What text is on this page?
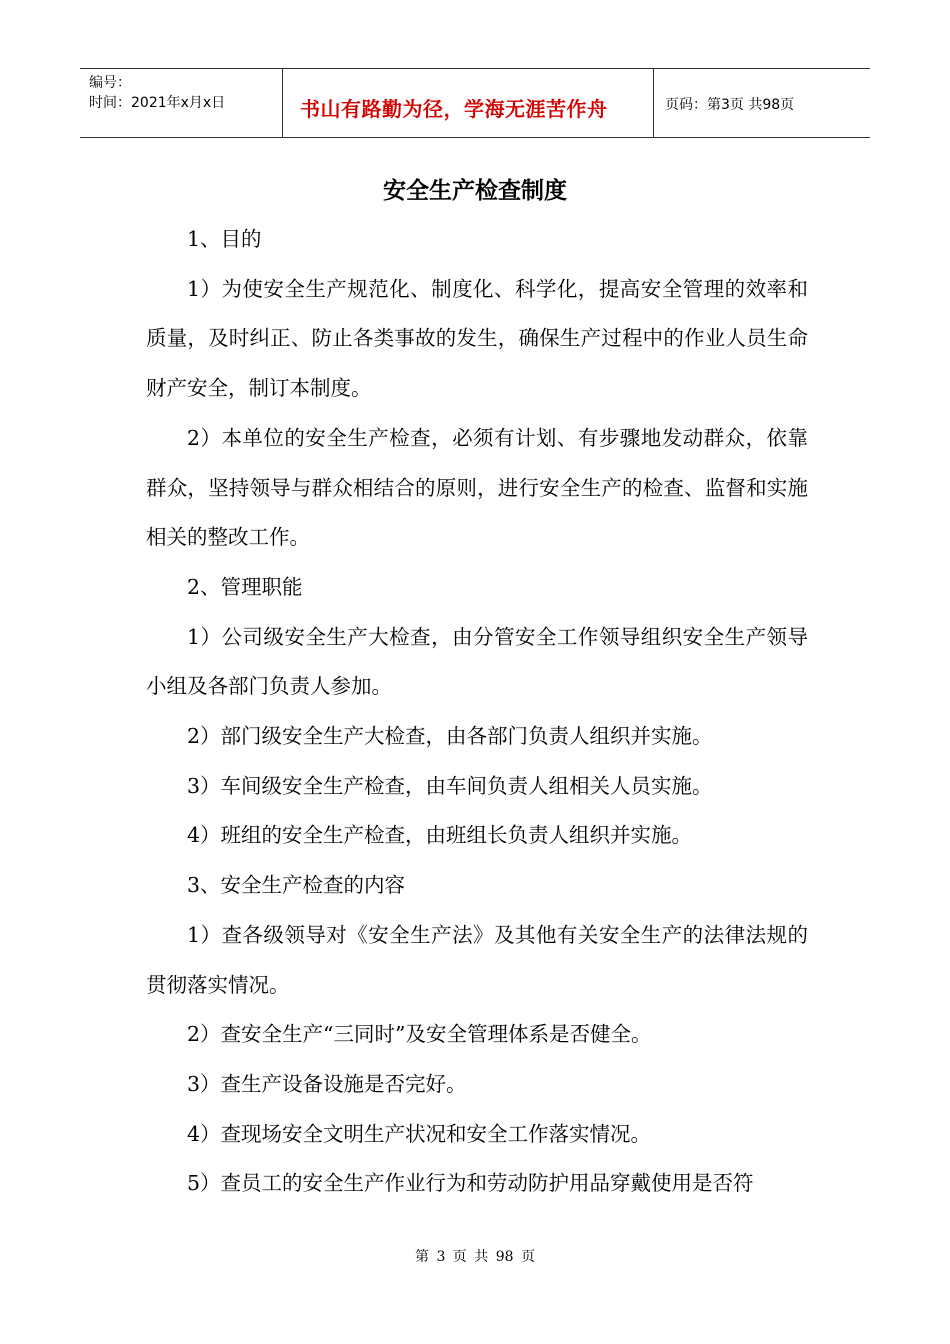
编号：
时间：2021年x月x日	书山有路勤为径，学海无涯苦作舟	页码：第3页 共98页
安全生产检查制度

1、目的

1）为使安全生产规范化、制度化、科学化，提高安全管理的效率和质量，及时纠正、防止各类事故的发生，确保生产过程中的作业人员生命财产安全，制订本制度。

2）本单位的安全生产检查，必须有计划、有步骤地发动群众，依靠群众，坚持领导与群众相结合的原则，进行安全生产的检查、监督和实施相关的整改工作。

2、管理职能

1）公司级安全生产大检查，由分管安全工作领导组织安全生产领导小组及各部门负责人参加。

2）部门级安全生产大检查，由各部门负责人组织并实施。

3）车间级安全生产检查，由车间负责人组相关人员实施。

4）班组的安全生产检查，由班组长负责人组织并实施。

3、安全生产检查的内容

1）查各级领导对《安全生产法》及其他有关安全生产的法律法规的贯彻落实情况。

2）查安全生产“三同时”及安全管理体系是否健全。

3）查生产设备设施是否完好。

4）查现场安全文明生产状况和安全工作落实情况。

5）查员工的安全生产作业行为和劳动防护用品穿戴使用是否符

第 3 页 共 98 页
